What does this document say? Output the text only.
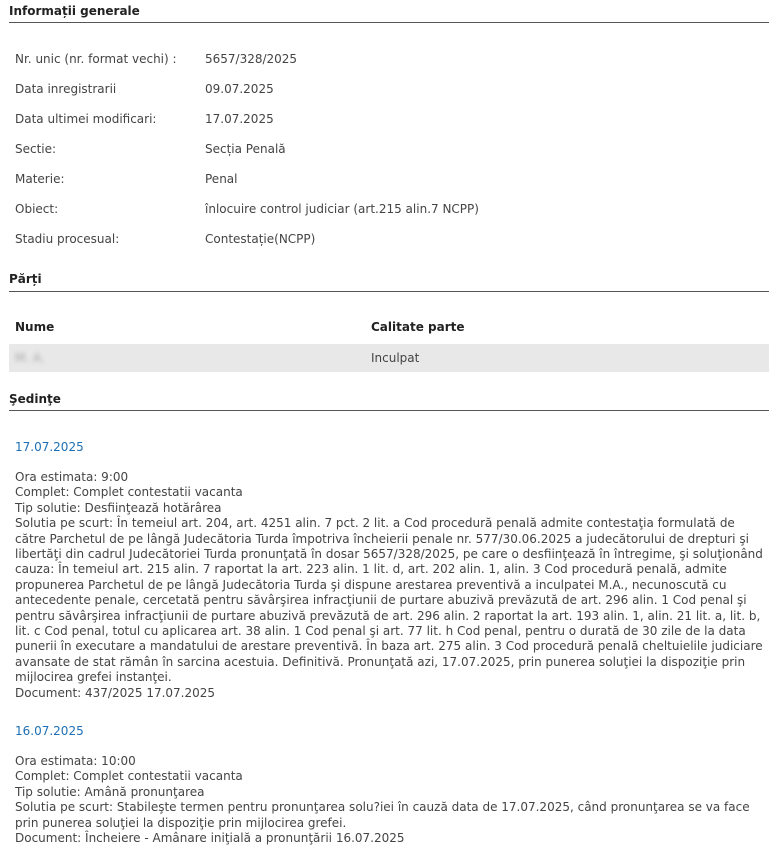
Informații generale
Nr. unic (nr. format vechi) : 5657/328/2025
Data inregistrarii	09.07.2025
Data ultimei modificari:	17.07.2025
Sectie:	Secția Penală
Materie:	Penal
Obiect:	înlocuire control judiciar (art.215 alin.7 NCPP)
Stadiu procesual:	Contestație(NCPP)
Părți
Nume	Calitate parte
M. A.	Inculpat
Şedinţe
17.07.2025
Ora estimata: 9:00
Complet: Complet contestatii vacanta
Tip solutie: Desfiinţează hotărârea
Solutia pe scurt: În temeiul art. 204, art. 4251 alin. 7 pct. 2 lit. a Cod procedură penală admite contestaţia formulată de către Parchetul de pe lângă Judecătoria Turda împotriva încheierii penale nr. 577/30.06.2025 a judecătorului de drepturi şi libertăţi din cadrul Judecătoriei Turda pronunţată în dosar 5657/328/2025, pe care o desfiinţează în întregime, şi soluţionând cauza: În temeiul art. 215 alin. 7 raportat la art. 223 alin. 1 lit. d, art. 202 alin. 1, alin. 3 Cod procedură penală, admite propunerea Parchetul de pe lângă Judecătoria Turda şi dispune arestarea preventivă a inculpatei M.A., necunoscută cu antecedente penale, cercetată pentru săvârşirea infracţiunii de purtare abuzivă prevăzută de art. 296 alin. 1 Cod penal şi pentru săvârşirea infracţiunii de purtare abuzivă prevăzută de art. 296 alin. 2 raportat la art. 193 alin. 1, alin. 21 lit. a, lit. b, lit. c Cod penal, totul cu aplicarea art. 38 alin. 1 Cod penal şi art. 77 lit. h Cod penal, pentru o durată de 30 zile de la data punerii în executare a mandatului de arestare preventivă. În baza art. 275 alin. 3 Cod procedură penală cheltuielile judiciare avansate de stat rămân în sarcina acestuia. Definitivă. Pronunţată azi, 17.07.2025, prin punerea soluţiei la dispoziţie prin mijlocirea grefei instanţei.
Document: 437/2025 17.07.2025
16.07.2025
Ora estimata: 10:00
Complet: Complet contestatii vacanta
Tip solutie: Amână pronunţarea
Solutia pe scurt: Stabileşte termen pentru pronunţarea solu?iei în cauză data de 17.07.2025, când pronunţarea se va face prin punerea soluţiei la dispoziţie prin mijlocirea grefei.
Document: Încheiere - Amânare iniţială a pronunţării 16.07.2025
